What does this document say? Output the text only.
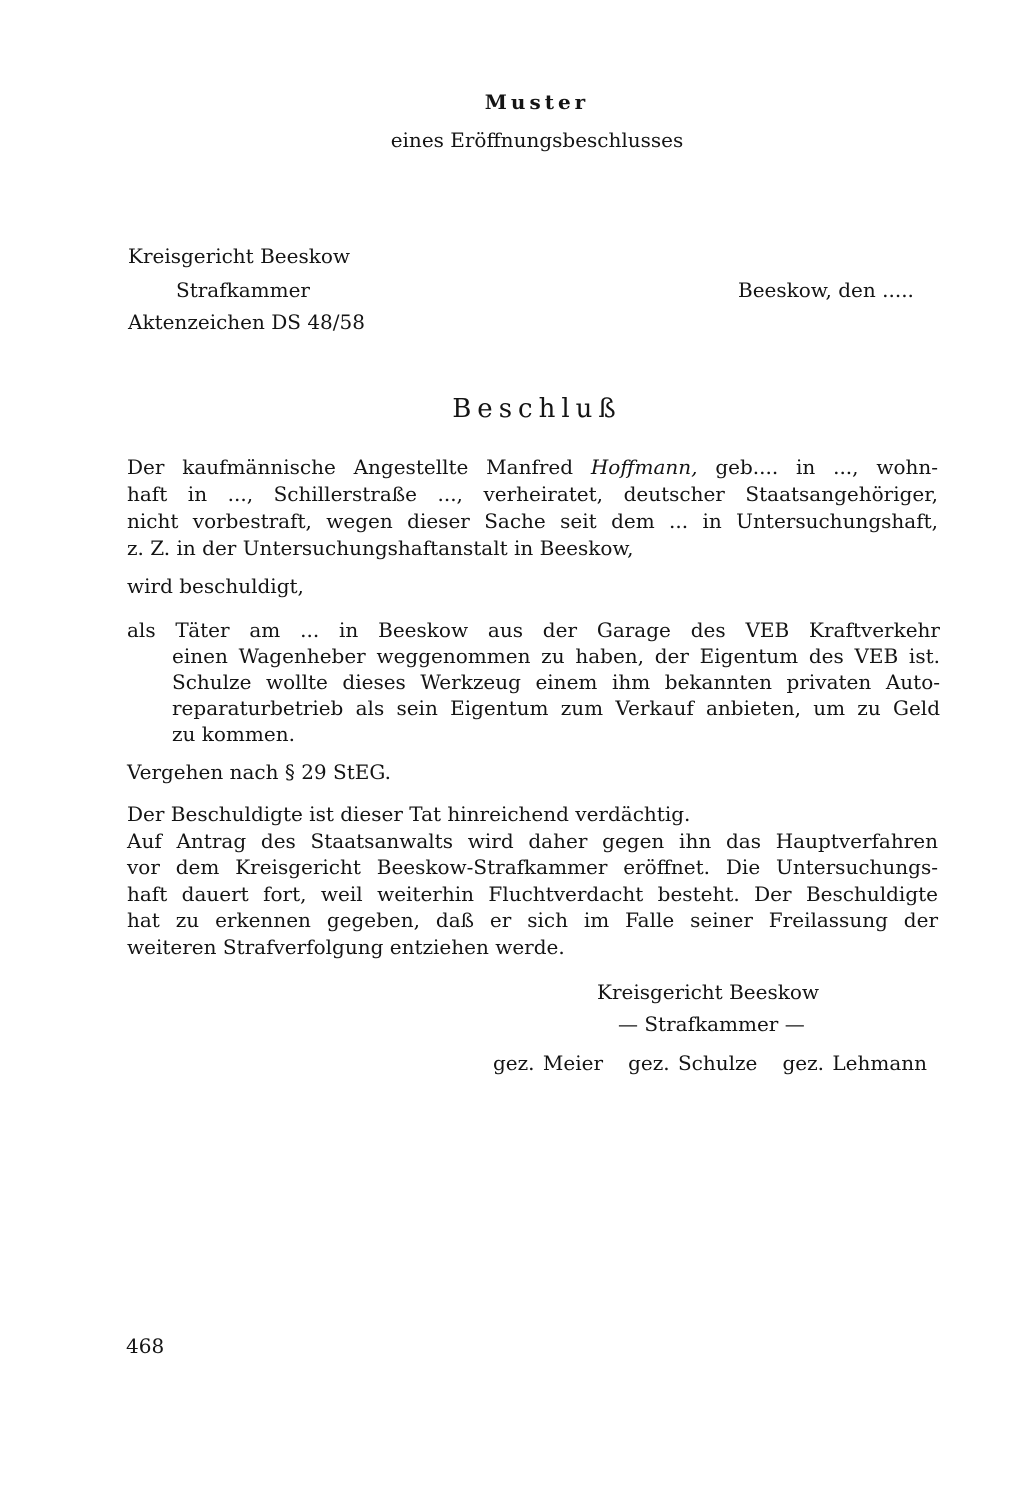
Muster
eines Eröffnungsbeschlusses
Kreisgericht Beeskow
Strafkammer
Aktenzeichen DS 48/58
Beeskow, den .....
Beschluß
Der kaufmännische Angestellte Manfred Hoffmann, geb.... in ..., wohn-
haft in ..., Schillerstraße ..., verheiratet, deutscher Staatsangehöriger,
nicht vorbestraft, wegen dieser Sache seit dem ... in Untersuchungshaft,
z. Z. in der Untersuchungshaftanstalt in Beeskow,
wird beschuldigt,
als Täter am ... in Beeskow aus der Garage des VEB Kraftverkehr
einen Wagenheber weggenommen zu haben, der Eigentum des VEB ist.
Schulze wollte dieses Werkzeug einem ihm bekannten privaten Auto-
reparaturbetrieb als sein Eigentum zum Verkauf anbieten, um zu Geld
zu kommen.
Vergehen nach § 29 StEG.
Der Beschuldigte ist dieser Tat hinreichend verdächtig.
Auf Antrag des Staatsanwalts wird daher gegen ihn das Hauptverfahren
vor dem Kreisgericht Beeskow-Strafkammer eröffnet. Die Untersuchungs-
haft dauert fort, weil weiterhin Fluchtverdacht besteht. Der Beschuldigte
hat zu erkennen gegeben, daß er sich im Falle seiner Freilassung der
weiteren Strafverfolgung entziehen werde.
Kreisgericht Beeskow
— Strafkammer —
gez. Meier   gez. Schulze   gez. Lehmann
468
